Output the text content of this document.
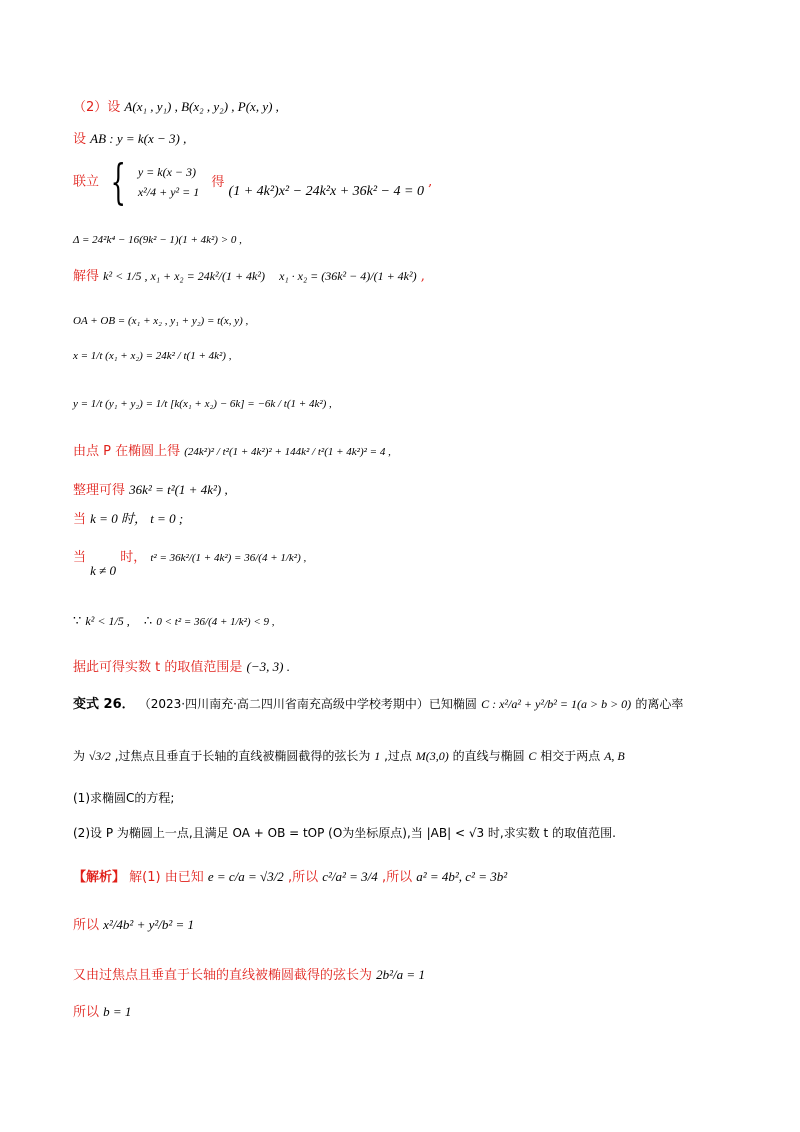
（2）设 A(x₁ , y₁) , B(x₂ , y₂) , P(x, y) ,
设 AB : y = k(x − 3) ,
联立 { y = k(x − 3)
x²/4 + y² = 1
得 (1 + 4k²)x² − 24k²x + 36k² − 4 = 0 ,
Δ = 24²k⁴ − 16(9k² − 1)(1 + 4k²) > 0 ,
解得 k² < 1/5 , x₁ + x₂ = 24k²/(1 + 4k²) x₁ · x₂ = (36k² − 4)/(1 + 4k²) ,
OA + OB = (x₁ + x₂ , y₁ + y₂) = t(x, y) ,
x = 1/t (x₁ + x₂) = 24k² / t(1 + 4k²) ,
y = 1/t (y₁ + y₂) = 1/t [k(x₁ + x₂) − 6k] = −6k / t(1 + 4k²) ,
由点 P 在椭圆上得 (24k²)² / t²(1 + 4k²)² + 144k² / t²(1 + 4k²)² = 4 ,
整理可得 36k² = t²(1 + 4k²) ,
当 k = 0 时， t = 0 ;
当 k ≠ 0 时， t² = 36k²/(1 + 4k²) = 36/(4 + 1/k²) ,
∵ k² < 1/5 , ∴ 0 < t² = 36/(4 + 1/k²) < 9 ,
据此可得实数 t 的取值范围是 (−3, 3) .
变式 26． （2023·四川南充·高二四川省南充高级中学校考期中）已知椭圆 C : x²/a² + y²/b² = 1(a > b > 0) 的离心率
为 √3/2 ,过焦点且垂直于长轴的直线被椭圆截得的弦长为 1 ,过点 M(3,0) 的直线与椭圆 C 相交于两点 A, B
(1)求椭圆C的方程;
(2)设 P 为椭圆上一点,且满足 OA + OB = tOP (O为坐标原点),当 |AB| < √3 时,求实数 t 的取值范围.
【解析】 解(1) 由已知 e = c/a = √3/2 ,所以 c²/a² = 3/4 ,所以 a² = 4b², c² = 3b²
所以 x²/4b² + y²/b² = 1
又由过焦点且垂直于长轴的直线被椭圆截得的弦长为 2b²/a = 1
所以 b = 1
